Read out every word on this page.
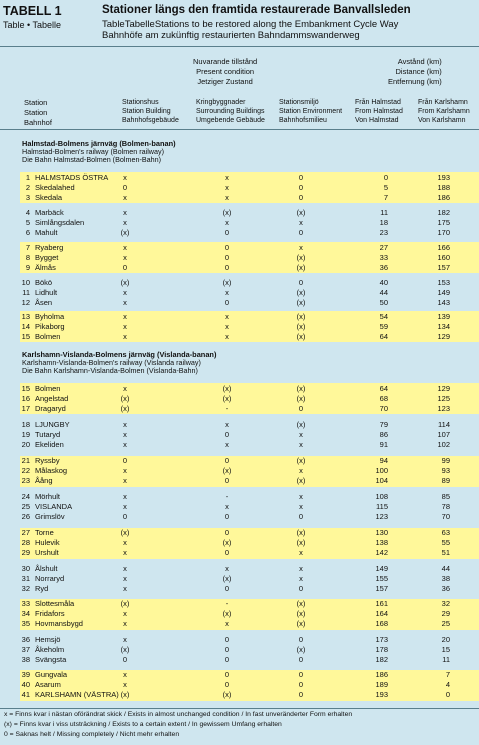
TABELL 1
Table • Tabelle
Stationer längs den framtida restaurerade Banvallsleden
TableTabelleStations to be restored along the Embankment Cycle Way
Bahnhöfe am zukünftig restaurierten Bahndammswanderweg
Station
Station
Bahnhof
Nuvarande tillstånd
Present condition
Jetziger Zustand
Avstånd (km)
Distance (km)
Entfernung (km)
Stationshus
Station Building
Bahnhofsgebäude
Kringbyggnader
Surrounding Buildings
Umgebende Gebäude
Stationsmiljö
Station Environment
Bahnhofsmilieu
Från Halmstad
From Halmstad
Von Halmstad
Från Karlshamn
From Karlshamn
Von Karlshamn
Halmstad-Bolmens järnväg (Bolmen-banan)
Halmstad-Bolmen's railway (Bolmen railway)
Die Bahn Halmstad-Bolmen (Bolmen-Bahn)
1 HALMSTADS ÖSTRA	x	x	0	0	193
2 Skedalahed	0	x	0	5	188
3 Skedala	x	x	0	7	186
4 Marbäck	x	(x)	(x)	11	182
5 Simlångsdalen	x	x	x	18	175
6 Mahult	(x)	0	0	23	170
7 Ryaberg	x	0	x	27	166
8 Bygget	x	0	(x)	33	160
9 Älmås	0	0	(x)	36	157
10 Bökö	(x)	(x)	0	40	153
11 Lidhult	x	x	(x)	44	149
12 Åsen	x	0	(x)	50	143
13 Byholma	x	x	(x)	54	139
14 Pikaborg	x	x	(x)	59	134
15 Bolmen	x	x	(x)	64	129
Karlshamn-Vislanda-Bolmens järnväg (Vislanda-banan)
Karlshamn-Vislanda-Bolmen's railway (Vislanda railway)
Die Bahn Karlshamn-Vislanda-Bolmen (Vislanda-Bahn)
15 Bolmen	x	(x)	(x)	64	129
16 Angelstad	(x)	(x)	(x)	68	125
17 Dragaryd	(x)	-	0	70	123
18 LJUNGBY	x	x	(x)	79	114
19 Tutaryd	x	0	x	86	107
20 Ekeliden	x	x	x	91	102
21 Ryssby	0	0	(x)	94	99
22 Målaskog	x	(x)	x	100	93
23 Åång	x	0	(x)	104	89
24 Mörhult	x	-	x	108	85
25 VISLANDA	x	x	x	115	78
26 Grimslöv	0	0	0	123	70
27 Torne	(x)	0	(x)	130	63
28 Hulevik	x	(x)	(x)	138	55
29 Urshult	x	0	x	142	51
30 Ålshult	x	x	x	149	44
31 Norraryd	x	(x)	x	155	38
32 Ryd	x	0	0	157	36
33 Slottesmåla	(x)	-	(x)	161	32
34 Fridafors	x	(x)	(x)	164	29
35 Hovmansbygd	x	x	(x)	168	25
36 Hemsjö	x	0	0	173	20
37 Åkeholm	(x)	0	(x)	178	15
38 Svängsta	0	0	0	182	11
39 Gungvala	x	0	0	186	7
40 Asarum	x	0	0	189	4
41 KARLSHAMN (VÄSTRA) (x)	(x)	0	193	0
x = Finns kvar i nästan oförändrat skick / Exists in almost unchanged condition / In fast unveränderter Form erhalten
(x) = Finns kvar i viss utsträckning / Exists to a certain extent / In gewissem Umfang erhalten
0 = Saknas helt / Missing completely / Nicht mehr erhalten
